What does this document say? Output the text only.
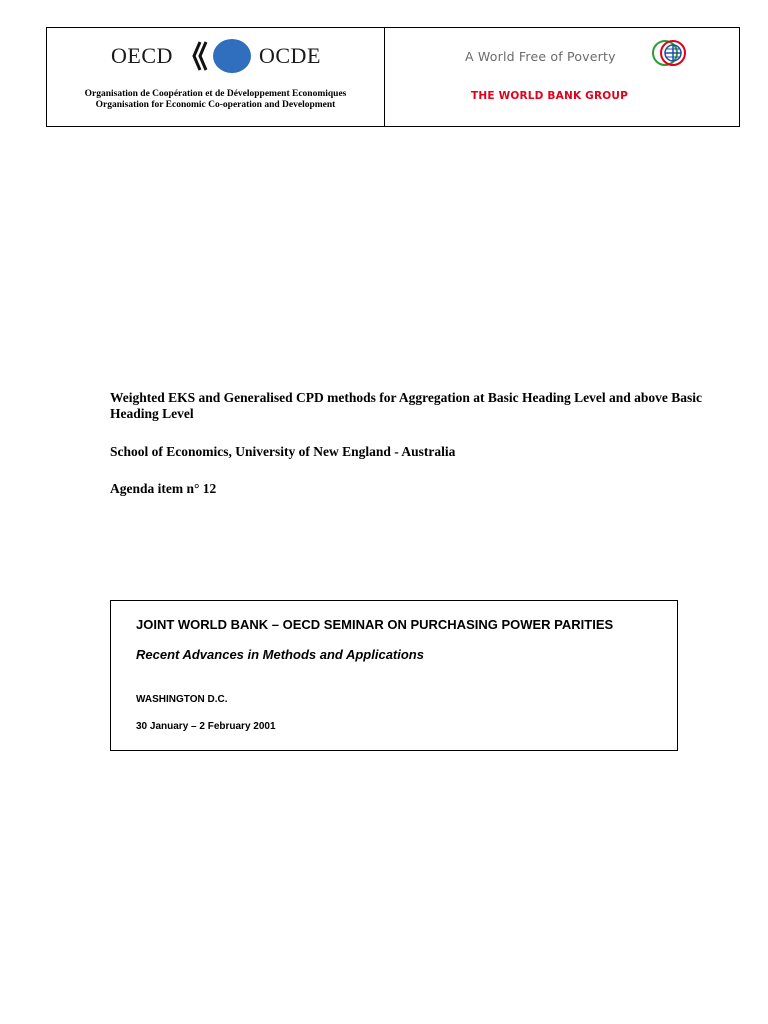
OECD	OCDE
Organisation de Coopération et de Développement Economiques
Organisation for Economic Co-operation and Development
A World Free of Poverty
THE WORLD BANK GROUP
Weighted EKS and Generalised CPD methods for Aggregation at Basic Heading Level and above Basic Heading Level
School of Economics, University of New England - Australia
Agenda item n° 12
JOINT WORLD BANK – OECD SEMINAR ON PURCHASING POWER PARITIES
Recent Advances in Methods and Applications
WASHINGTON D.C.
30 January – 2 February 2001
